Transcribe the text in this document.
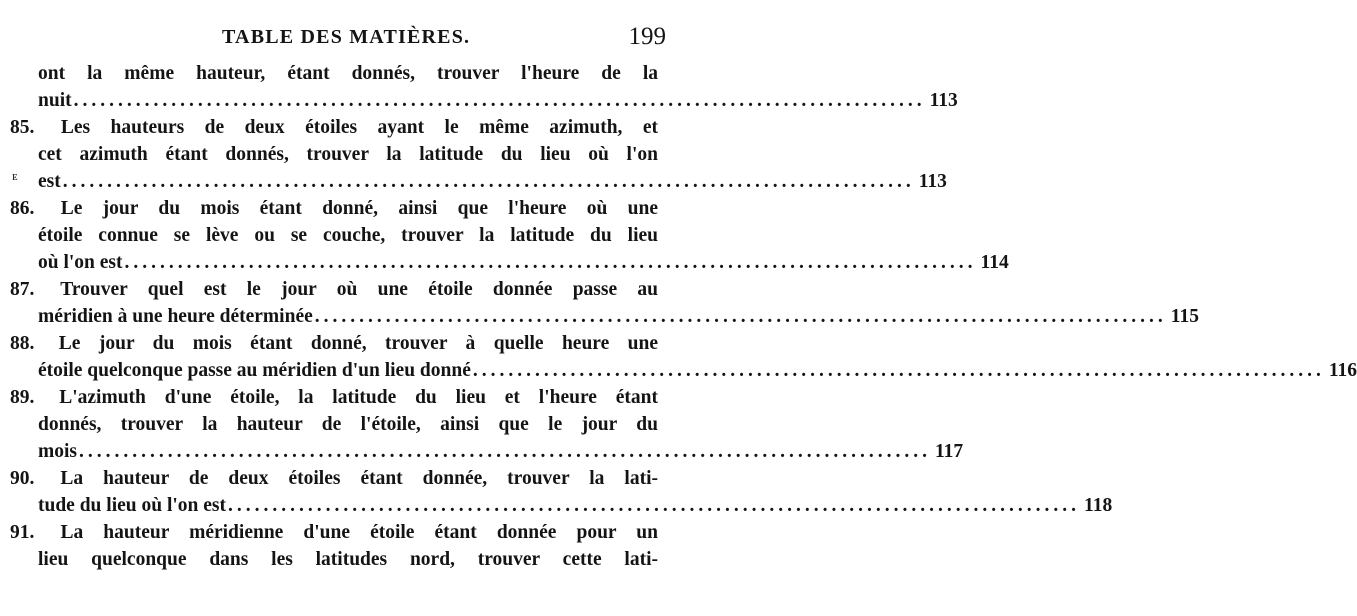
TABLE DES MATIÈRES.	199
ᴇ
ont la même hauteur, étant donnés, trouver l'heure de la
nuit ................................................................................................ 113
85. Les hauteurs de deux étoiles ayant le même azimuth, et
cet azimuth étant donnés, trouver la latitude du lieu où l'on
est ................................................................................................ 113
86. Le jour du mois étant donné, ainsi que l'heure où une
étoile connue se lève ou se couche, trouver la latitude du lieu
où l'on est ................................................................................................ 114
87. Trouver quel est le jour où une étoile donnée passe au
méridien à une heure déterminée ................................................................................................ 115
88. Le jour du mois étant donné, trouver à quelle heure une
étoile quelconque passe au méridien d'un lieu donné ................................................................................................ 116
89. L'azimuth d'une étoile, la latitude du lieu et l'heure étant
donnés, trouver la hauteur de l'étoile, ainsi que le jour du
mois ................................................................................................ 117
90. La hauteur de deux étoiles étant donnée, trouver la lati-
tude du lieu où l'on est ................................................................................................ 118
91. La hauteur méridienne d'une étoile étant donnée pour un
lieu quelconque dans les latitudes nord, trouver cette lati-
